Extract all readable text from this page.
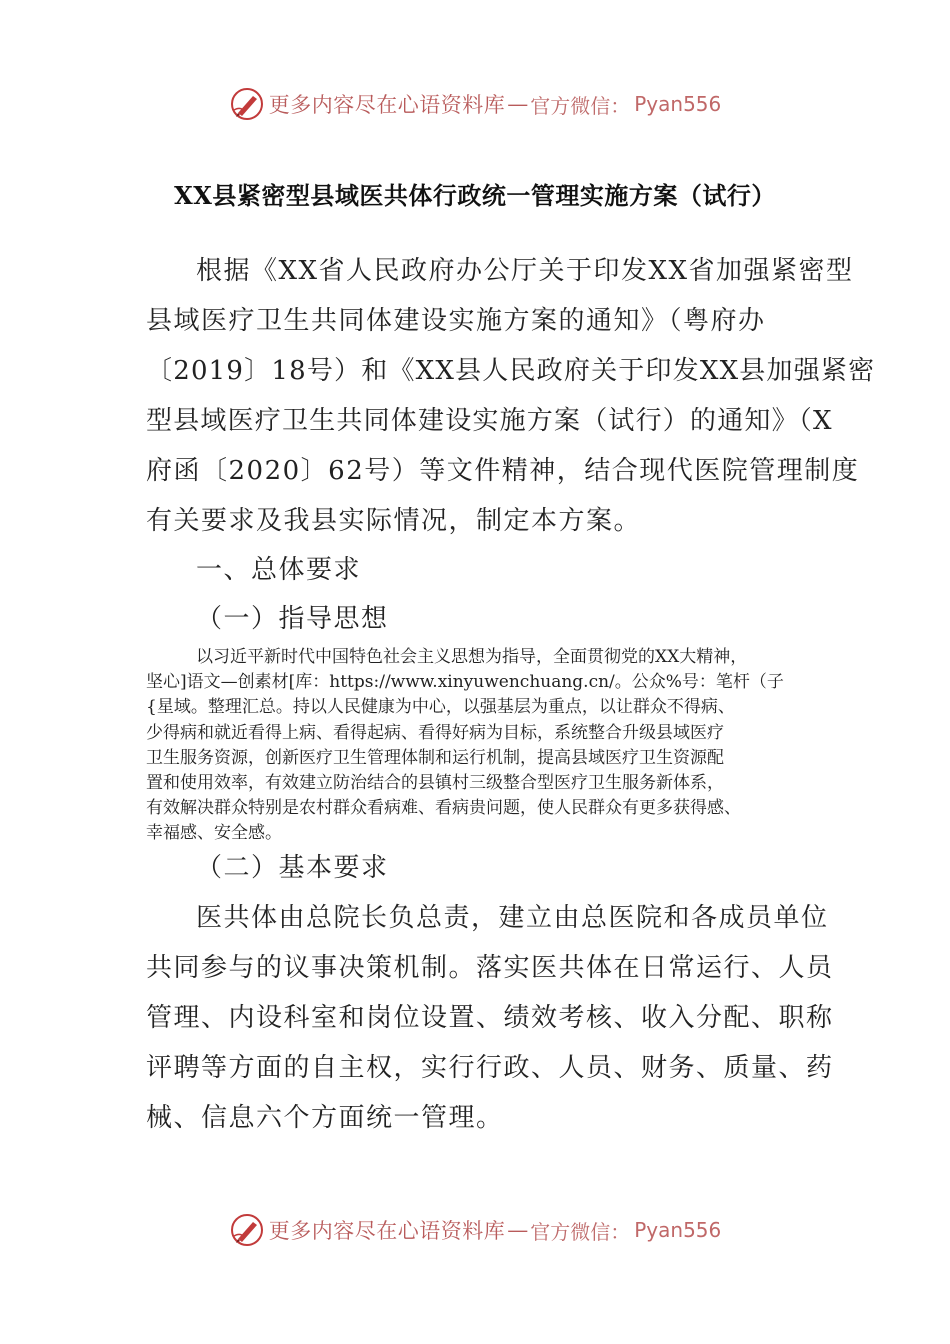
更多内容尽在心语资料库 — 官方微信： Pyan556
XX县紧密型县域医共体行政统一管理实施方案（试行）
根据《XX省人民政府办公厅关于印发XX省加强紧密型
县域医疗卫生共同体建设实施方案的通知》（粤府办
〔2019〕18号）和《XX县人民政府关于印发XX县加强紧密
型县域医疗卫生共同体建设实施方案（试行）的通知》（X
府函〔2020〕62号）等文件精神，结合现代医院管理制度
有关要求及我县实际情况，制定本方案。
一、总体要求
（一）指导思想
以习近平新时代中国特色社会主义思想为指导，全面贯彻党的XX大精神，
坚心]语文—创素材[库：https://www.xinyuwenchuang.cn/。公众%号：笔杆（子
{星域。整理汇总。持以人民健康为中心，以强基层为重点，以让群众不得病、
少得病和就近看得上病、看得起病、看得好病为目标，系统整合升级县域医疗
卫生服务资源，创新医疗卫生管理体制和运行机制，提高县域医疗卫生资源配
置和使用效率，有效建立防治结合的县镇村三级整合型医疗卫生服务新体系，
有效解决群众特别是农村群众看病难、看病贵问题，使人民群众有更多获得感、
幸福感、安全感。
（二）基本要求
医共体由总院长负总责，建立由总医院和各成员单位
共同参与的议事决策机制。落实医共体在日常运行、人员
管理、内设科室和岗位设置、绩效考核、收入分配、职称
评聘等方面的自主权，实行行政、人员、财务、质量、药
械、信息六个方面统一管理。
更多内容尽在心语资料库 — 官方微信： Pyan556
